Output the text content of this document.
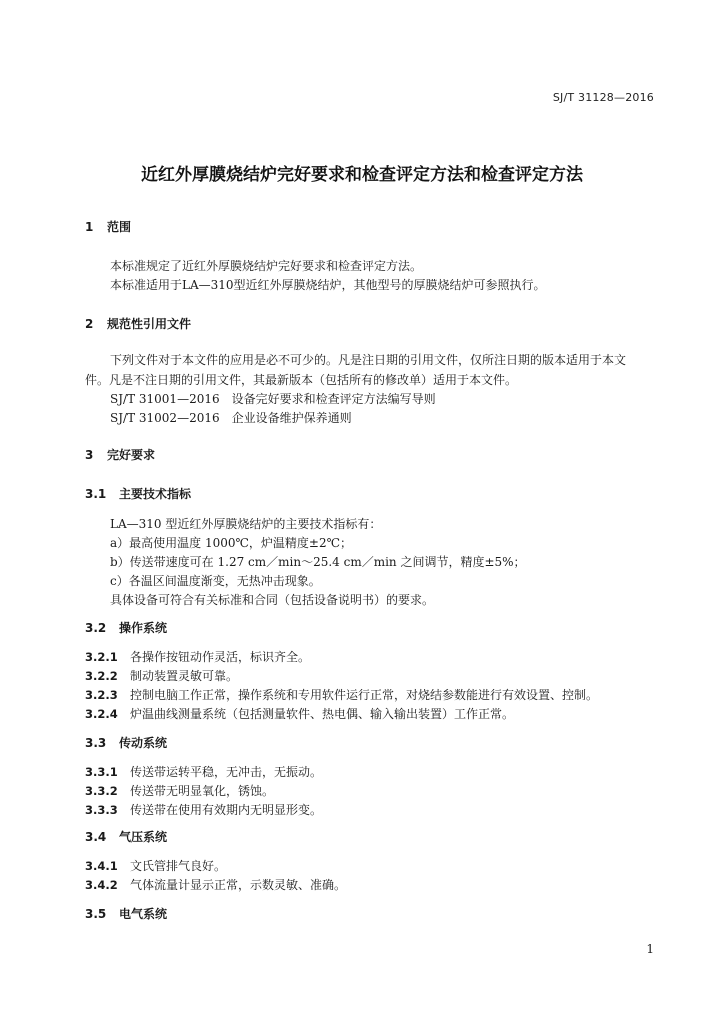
SJ/T 31128—2016
近红外厚膜烧结炉完好要求和检查评定方法和检查评定方法
1 范围
本标准规定了近红外厚膜烧结炉完好要求和检查评定方法。
本标准适用于LA—310型近红外厚膜烧结炉，其他型号的厚膜烧结炉可参照执行。
2 规范性引用文件
下列文件对于本文件的应用是必不可少的。凡是注日期的引用文件，仅所注日期的版本适用于本文
件。凡是不注日期的引用文件，其最新版本（包括所有的修改单）适用于本文件。
SJ/T 31001—2016　设备完好要求和检查评定方法编写导则
SJ/T 31002—2016　企业设备维护保养通则
3 完好要求
3.1 主要技术指标
LA—310 型近红外厚膜烧结炉的主要技术指标有：
a）最高使用温度 1000℃，炉温精度±2℃；
b）传送带速度可在 1.27 cm／min～25.4 cm／min 之间调节，精度±5%；
c）各温区间温度渐变，无热冲击现象。
具体设备可符合有关标准和合同（包括设备说明书）的要求。
3.2 操作系统
3.2.1 各操作按钮动作灵活，标识齐全。
3.2.2 制动装置灵敏可靠。
3.2.3 控制电脑工作正常，操作系统和专用软件运行正常，对烧结参数能进行有效设置、控制。
3.2.4 炉温曲线测量系统（包括测量软件、热电偶、输入输出装置）工作正常。
3.3 传动系统
3.3.1 传送带运转平稳，无冲击，无振动。
3.3.2 传送带无明显氧化，锈蚀。
3.3.3 传送带在使用有效期内无明显形变。
3.4 气压系统
3.4.1 文氏管排气良好。
3.4.2 气体流量计显示正常，示数灵敏、准确。
3.5 电气系统
1
